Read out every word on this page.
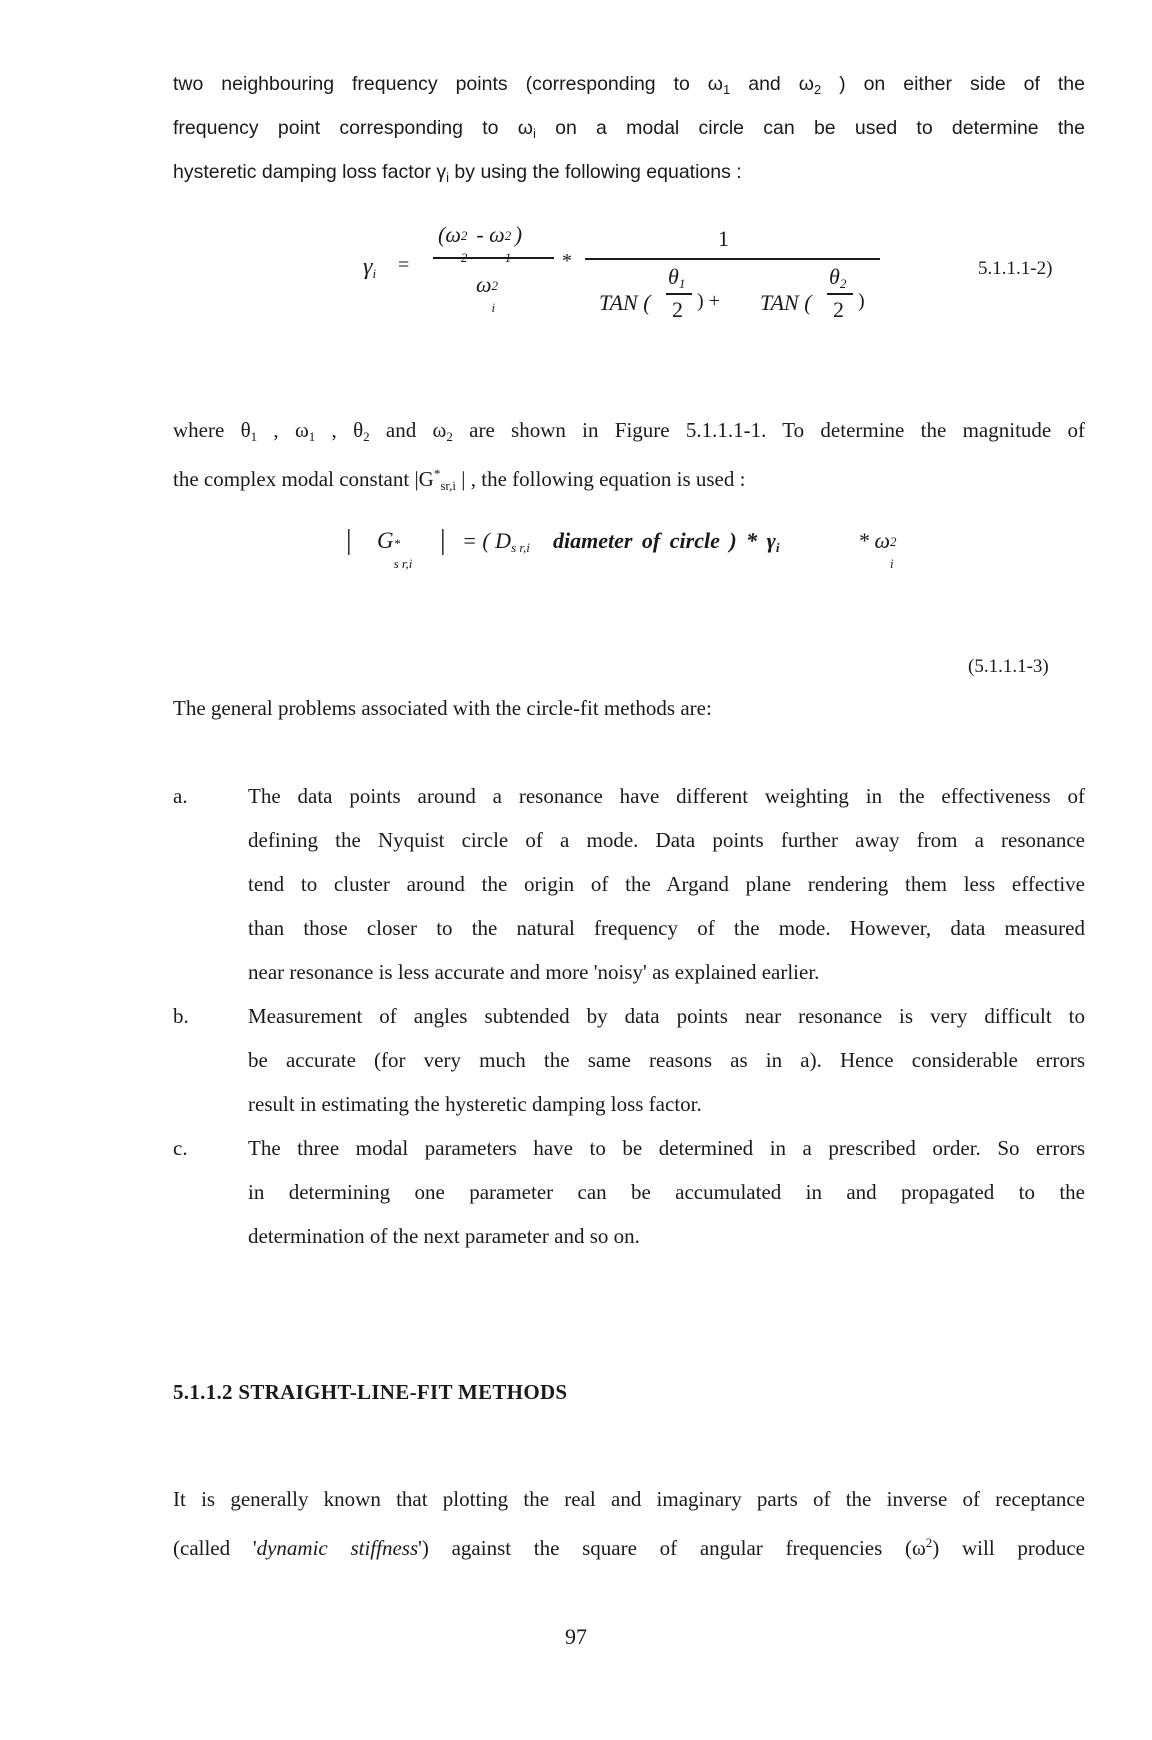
two neighbouring frequency points (corresponding to $\omega_1$ and $\omega_2$ ) on either side of the
frequency point corresponding to $\omega_i$ on a modal circle can be used to determine the
hysteretic damping loss factor $\gamma_i$ by using the following equations :
$\gamma_i$ =
(ω 2 - ω 2 )
ω 2
i
*
1
TAN (
$\theta_1$
2 ) + TAN (
$\theta_2$
2 )
5.1.1.1-2)
where $\theta_1$ , $\omega_1$ , $\theta_2$ and $\omega_2$ are shown in Figure 5.1.1.1-1. To determine the magnitude of
the complex modal constant $|G^*_{sr,i}$ | , the following equation is used :
| G *
s r,i
| = ( $D_{s r,i}$ diameter of circle ) * $\gamma_i$	* ω 2
i
(5.1.1.1-3)
The general problems associated with the circle-fit methods are:
a.	The data points around a resonance have different weighting in the effectiveness of
defining the Nyquist circle of a mode. Data points further away from a resonance
tend to cluster around the origin of the Argand plane rendering them less effective
than those closer to the natural frequency of the mode. However, data measured
near resonance is less accurate and more 'noisy' as explained earlier.
b.	Measurement of angles subtended by data points near resonance is very difficult to
be accurate (for very much the same reasons as in a). Hence considerable errors
result in estimating the hysteretic damping loss factor.
c.	The three modal parameters have to be determined in a prescribed order. So errors
in determining one parameter can be accumulated in and propagated to the
determination of the next parameter and so on.
5.1.1.2 STRAIGHT-LINE-FIT METHODS
It is generally known that plotting the real and imaginary parts of the inverse of receptance
(called 'dynamic stiffness') against the square of angular frequencies $(\omega^2)$ will produce
97
